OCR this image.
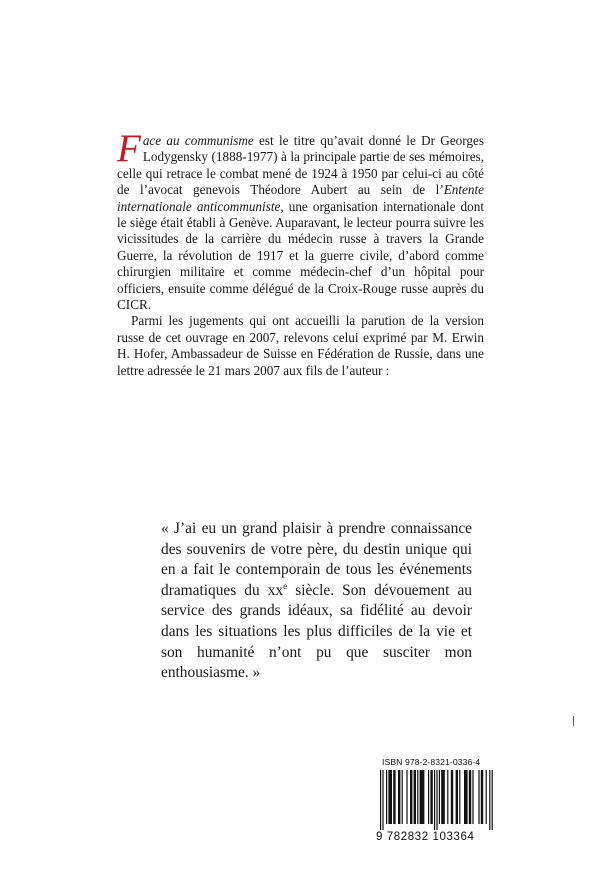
Face au communisme est le titre qu’avait donné le Dr Georges Lodygensky (1888-1977) à la principale partie de ses mémoires, celle qui retrace le combat mené de 1924 à 1950 par celui-ci au côté de l’avocat genevois Théodore Aubert au sein de l’Entente internationale anticommuniste, une organisation internationale dont le siège était établi à Genève. Auparavant, le lecteur pourra suivre les vicissitudes de la carrière du médecin russe à travers la Grande Guerre, la révolution de 1917 et la guerre civile, d’abord comme chirurgien militaire et comme médecin-chef d’un hôpital pour officiers, ensuite comme délégué de la Croix-Rouge russe auprès du CICR.

Parmi les jugements qui ont accueilli la parution de la version russe de cet ouvrage en 2007, relevons celui exprimé par M. Erwin H. Hofer, Ambassadeur de Suisse en Fédération de Russie, dans une lettre adressée le 21 mars 2007 aux fils de l’auteur :

« J’ai eu un grand plaisir à prendre connaissance des souvenirs de votre père, du destin unique qui en a fait le contemporain de tous les événements dramatiques du $xx^e$ siècle. Son dévouement au service des grands idéaux, sa fidélité au devoir dans les situations les plus difficiles de la vie et son humanité n’ont pu que susciter mon enthousiasme. »

ISBN 978-2-8321-0336-4
9 782832 103364
